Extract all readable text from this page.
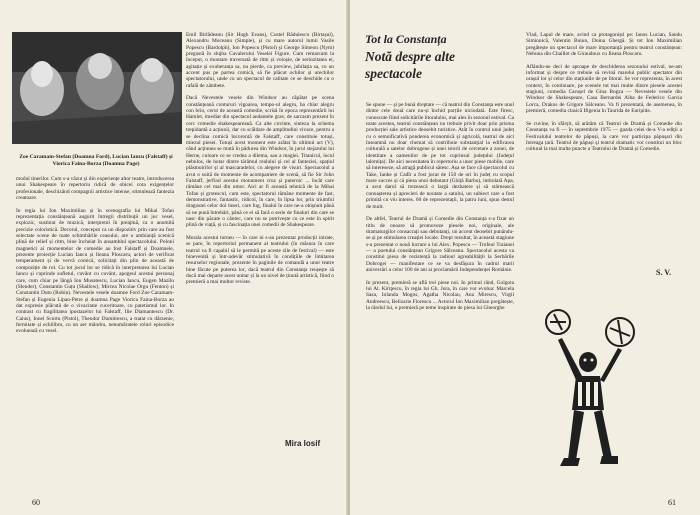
Zoe Caramam-Stefan (Doamna Ford), Lucian Iancu (Falstaff) și Viorica Faina-Borza (Doamna Page)
modul tinerilor. Cum s-a văzut și din experiențe altor teatre, introducerea unui Shakespeare în repertoriu ridică de obicei cota exigențelor profesionale, deschizând compagnii artistice intense, stimulează fantezia creatoare.

In regia lui Ion Maximilian și în scenografia lui Mihai Tofan reprezentația constănțeană augurit întregii distribuții un joc vesel, explozic, sustinut de muzică, interpretul în preajmă, ca o anumită precizie coloristică. Decorul, conceput ca un dispozitiv prin care au fost selectate scene de toate schimbările ceasului, are o ambianță scenică plină de relief și ritm, bine încheiat în ansamblul spectacolului. Poloni magnetici ai momentelor de comedie au fost Falstaff și Doamnele, prezente proiecție Lucian Iancu și Ileana Ploscaru, actori de verificat temperament și de vervă comică, solicitați din plin de această de compoziție de rol. Cu tot jocul lor se ridică în interpretarea lui Lucian Iancu și cuprinde sufletul, cuvânt cu cuvânt, apogeul acestui personaj care, cum chiar pe lângă Ion Musatescu, Lucian Iancu, Eugen Mazilu (Slender), Constantin Guțu (Shallow), Mircea Nicolae Orgu (Fenton) și Constantin Dutu (Robin). Nevestele vesele doamne Ford Zoe Caramam-Stefan și Eugenia Lipan-Petre și doamna Page Viorica Faina-Borza au dat expresie plăcută de o vivacitate cuceritoare, cu patetismul lor. In contrast cu fragilitatea ipostazelor lui Falstaff, Ilie Diamantescu (Dr. Caius), Ionel Scurtu (Pistol), Theodor Dumitrescu, a tratat cu dârzenie, fermitate și echilibru, cu un aer mândru, nenumăratele roluri episodice evoluează cu vesel.
Emil Birlădeanu (Sir Hugh Evans), Costel Rădulescu (Birtașul), Alexandru Moceanu (Simple), și cu mare autorul lumii Vasile Popescu (Bardolph), Ion Popescu (Pistol) și George Simeon (Nym) pregustă în slujba Cavalerului Veselei Figure. Cum remarcam la început, o montare traversată de ritm și voioșie, de seriozitatea ei, agitație și exuberanța sa, nu pierde, ca preview, jubilația sa, cu un accent pus pe partea comică, să fie plăcut ochilor și urechilor spectatorului, unde cu un spectacol de calitate ce se deschide cu o rafală de zâmbete.

Dacă Nevestele vesele din Windsor au căpătat pe scena constănțeană contururi vigoarea, tempo-ul alegru, ba chiar alegru con brio, cerut de această comedie, scrisă în epoca reprezentării lui Hamlet, imediat din spectacol andantele grav, de sarcasm prezent în cerc comedie shakespeareană. Ca alte cuvinte, sinteza la schema trepidantă a acțiunii, dar cu scăldare de amplitudini vivace, pentru a se declina comică încorontă de Falstaff, care constituie totuși, miezul piesei. Totuși acest moment este arătat în ultimul act (V), când acțiunea se mută în pădurea din Windsor, în jurul stejarului lui Herne, culoare ce se credea a dilema, sau a magiei. Titanicul, locul nebulos, de hotar dintre tărâmul realului și cel al fanteziei, spațiul plăsmuirilor și al mascaradelor, cu alegere de visuri. Spectacolul a avut o suită de momente de acompaniere de scenă, să fie Sir John Falstaff, jerfind acestui monument cruz și puternic ... încât care rămâne cel mai din umor. Aici ar fi această tehnică de la Mihai Tofan și grotescul, cum este, spectatorul rămâne momente de fast, demonstrative, fantastic, ridicol, în care, în lipsa lor, prin triumful dragostei celor doi tineri, care fug, finalul în care ne-a obișnuit până să ne pună întrebări, până ce ei să facă o serie de finaluri din care se nasc din păcate o cântec, care nu se potrivește cu ce este în spirit plină de viață, și cu fascinația unei comedii de Shakespeare.

Morala acestui turneu — în care ni s-au prezentat producții intrate, se pare, în repertoriul permanent al teatrului (în măsura în care teatrul va fi capabil să le permită pe aceste zile de festival) — este binevenită și într-adevăr stimulativă în condițiile de limitarea resurselor regionale, prezente în paginile de comandă a unor teatre bine făcute pe puterea lor, dacă teatrul din Constanța reușește să ducă mai departe acest unitar și la un nivel de ținută artistică, fiind o premieră a mai multor reviste.
Mira Iosif
60
Tot la Constanța
Notă despre alte spectacole
Se spune — și pe bună dreptate — că teatrul din Constanța este unul dintre cele două care nu-și închid porțile niciodată. Este firesc, cunoscute fiind solicitările litoralului, mai ales în sezonul estival. Ca toate acestea, teatrul constănțean nu trebuie privit doar prin prisma producției sale artistice deosebit turistice. Atât în contrul unui județ cu o semnificativă ponderea economică și agricolă, teatrul de aici înseamnă nu doar chemat să contribuie substanțial la edificarea culturală a satelor dobrogene și unei istorii de cercetare a zonei, de identitate a oamenilor de pe tot cuprinsul județului (Județul lalomița). De aici necesitatea în repertoriu a unor piese mobile, care să intereseze, să atragă publicul sătesc. Așa se face că spectacolul cu Take, Ianke și Cadîr a fost jucat de 150 de ori în județ cu scopul mare succes și că piesa unui debutant (Ghiță Barbu), intitulată Apa, a avut darul să trezească o largă dezbatere și să stârnească cunoașterea și aprecieri de noutate a satului, un subiect care a fost primită cu viu interes. 60 de reprezentații, la patru luni, spun destul de mult.

De altfel, Teatrul de Dramă și Comedie din Constanța s-a fixat un titlu de onoare să promoveze piesele noi, originale, ale dramaturgilor consacrați sau debutanți, un accent deosebit punându-se și pe stimularea creației locale. Drept rezultat, în această stagiune s-a prezentat o nouă lucrare a lui Alex. Popescu — Trofeul Traianei — a poetului constănțean Grigore Sălceanu. Spectacolul acesta va constitui piesa de rezistență la radioul agreabilității la Serbările Dobrogei — manifestare ce se va desfășura în cadrul marii aniversări a celor 100 de ani ai proclamării Independenței Românie.

In prezent, premieră se află trei piese noi. In primul rând, Golgota lui Al. Kiriţescu, în regia lui Gh. Jora, în care vor evolua: Marcela Sasu, Iolanda Mogos, Agatha Nicolau, Ana Mirescu, Virgil Andreescu, Belizarie Florescu ... Actorul Ion Maximilian pregătește, la rândul lui, o premieră pe teme inspirate de piesa lui Gheorghe
Vlad, Lapul de mare, avind ca protagoniști pe: Ianos Lucian, Sandu Simionică, Valentin Buiun, Doina Ghergă. Și tot Ion Maximilian pregătește un spectacol de mare importanță pentru teatrul constănțean: Nebuna din Chaillot de Giraudoux cu Ileana Ploscaru.

Aflându-ne deci de aproape de deschiderea sezonului estival, ne-am informat și despre ce trebuie să revină marelui public spectator din orașul lor și celor din stațiunile de pe litoral. Se vor reprezenta, în acest context, în continuare, pe scenele tot mai multe dintre piesele acestei stagiuni, comedia Carușel de Gina Bogza — Nevestele vesele din Windsor de Shakespeare, Casa Bernardei Alba de Federico Garcia Lorca, Drakos de Grigore Sălceanu. Va fi prezentată, de asemenea, în premieră, comedia clasică Ifigenia în Taurida de Euripide.

Se cuvine, în sfârșit, să arătăm că Teatrul de Dramă și Comedie din Constanța va fi — în septembrie 1975 — gazda celei de-a V-a ediții a Festivalului teatrelor de păpuși, la care vor participa păpușari din întreaga țară. Teatrul de păpuși și teatrul dramatic vor constitui un bloc cultural la mai multe puncte a Teatrului de Dramă și Comedie.
S. V.
61
